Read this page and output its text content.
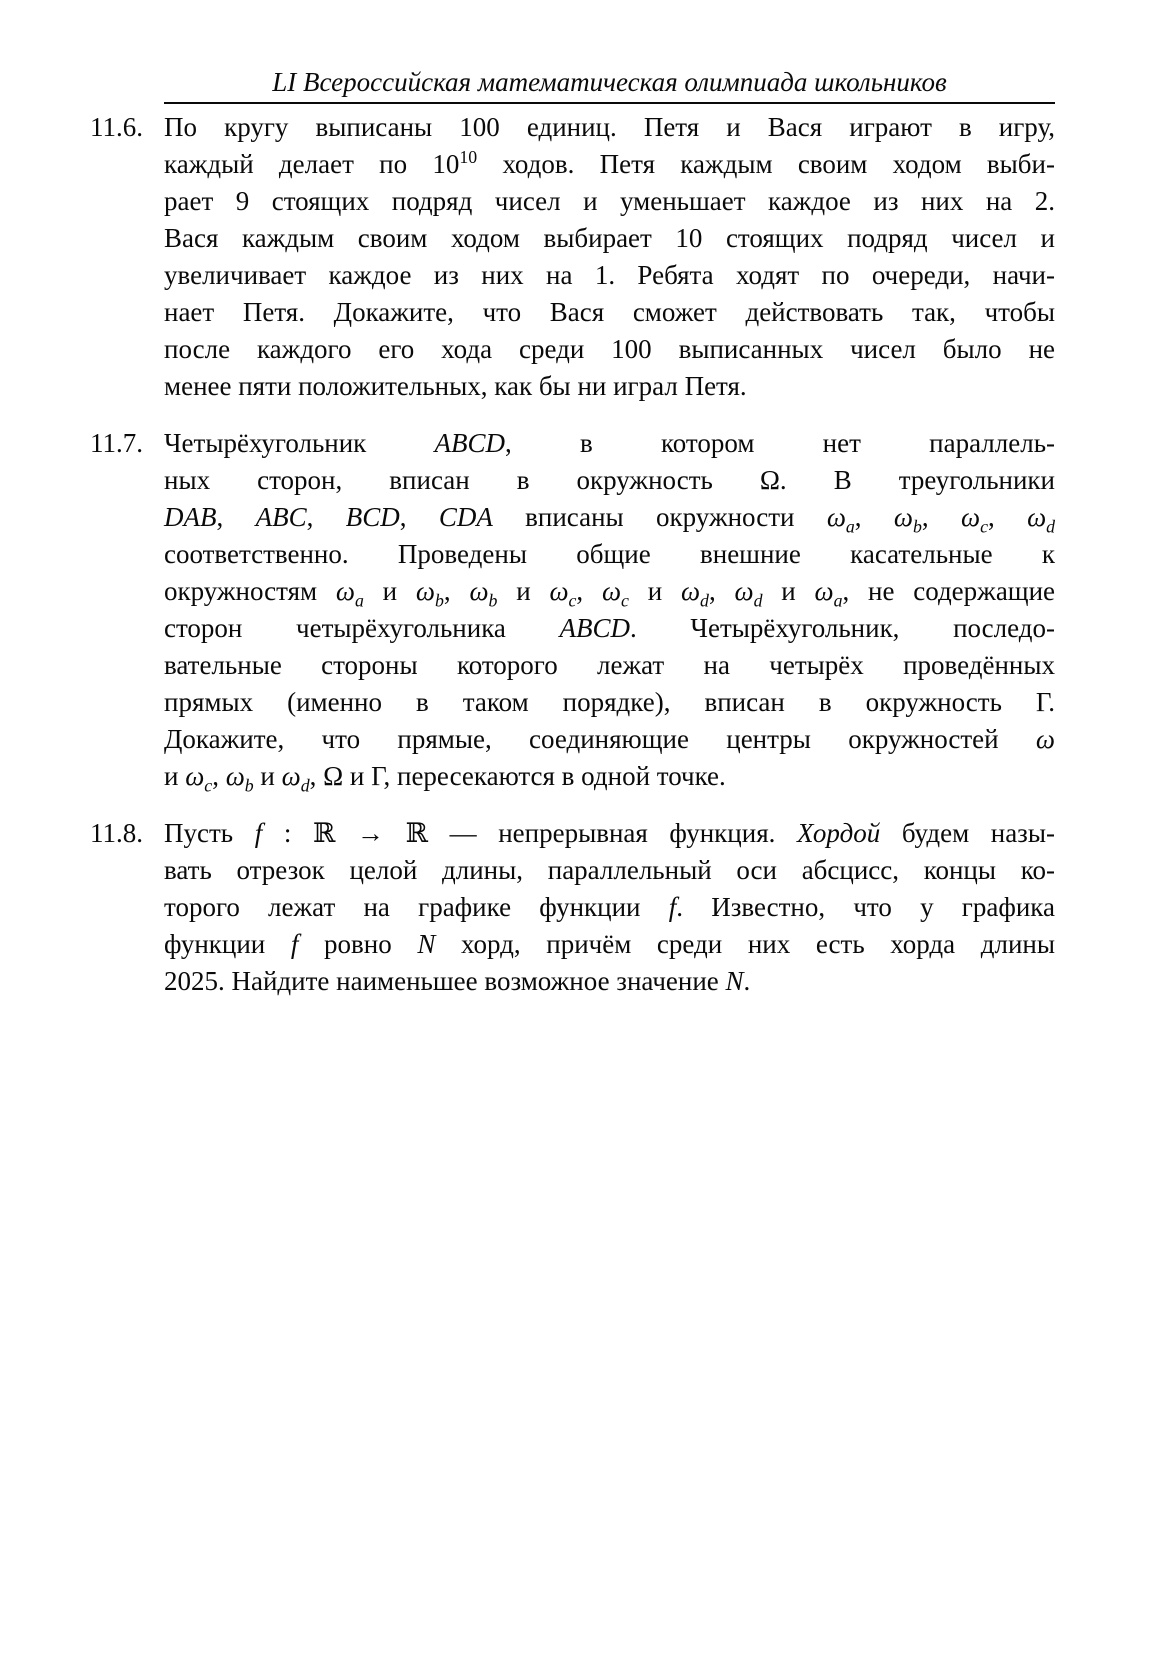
LI Всероссийская математическая олимпиада школьников
11.6. По кругу выписаны 100 единиц. Петя и Вася играют в игру,
каждый делает по $10^{10}$ ходов. Петя каждым своим ходом выби-
рает 9 стоящих подряд чисел и уменьшает каждое из них на 2.
Вася каждым своим ходом выбирает 10 стоящих подряд чисел и
увеличивает каждое из них на 1. Ребята ходят по очереди, начи-
нает Петя. Докажите, что Вася сможет действовать так, чтобы
после каждого его хода среди 100 выписанных чисел было не
менее пяти положительных, как бы ни играл Петя.
11.7. Четырёхугольник ABCD, в котором нет параллель-
ных сторон, вписан в окружность Ω. В треугольники
DAB, ABC, BCD, CDA вписаны окружности $\omega_a$, $\omega_b$, $\omega_c$, $\omega_d$
соответственно. Проведены общие внешние касательные к
окружностям $\omega_a$ и $\omega_b$, $\omega_b$ и $\omega_c$, $\omega_c$ и $\omega_d$, $\omega_d$ и $\omega_a$, не содержащие
сторон четырёхугольника ABCD. Четырёхугольник, последо-
вательные стороны которого лежат на четырёх проведённых
прямых (именно в таком порядке), вписан в окружность Γ.
Докажите, что прямые, соединяющие центры окружностей ω
и $\omega_c$, $\omega_b$ и $\omega_d$, Ω и Γ, пересекаются в одной точке.
11.8. Пусть f : ℝ → ℝ — непрерывная функция. Хордой будем назы-
вать отрезок целой длины, параллельный оси абсцисс, концы ко-
торого лежат на графике функции f. Известно, что у графика
функции f ровно N хорд, причём среди них есть хорда длины
2025. Найдите наименьшее возможное значение N.
